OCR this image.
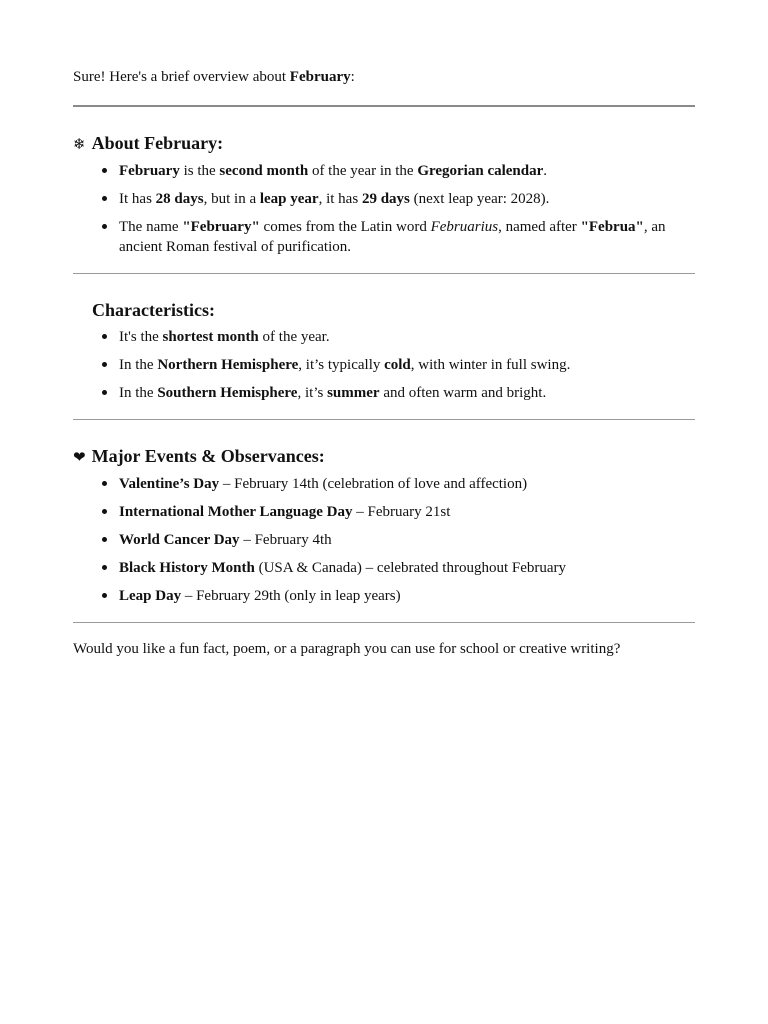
Sure! Here's a brief overview about February:

❄ About February:
February is the second month of the year in the Gregorian calendar.
It has 28 days, but in a leap year, it has 29 days (next leap year: 2028).
The name "February" comes from the Latin word Februarius, named after "Februa", an ancient Roman festival of purification.
Characteristics:
It's the shortest month of the year.
In the Northern Hemisphere, it’s typically cold, with winter in full swing.
In the Southern Hemisphere, it’s summer and often warm and bright.
❤ Major Events & Observances:
Valentine’s Day – February 14th (celebration of love and affection)
International Mother Language Day – February 21st
World Cancer Day – February 4th
Black History Month (USA & Canada) – celebrated throughout February
Leap Day – February 29th (only in leap years)

Would you like a fun fact, poem, or a paragraph you can use for school or creative writing?
